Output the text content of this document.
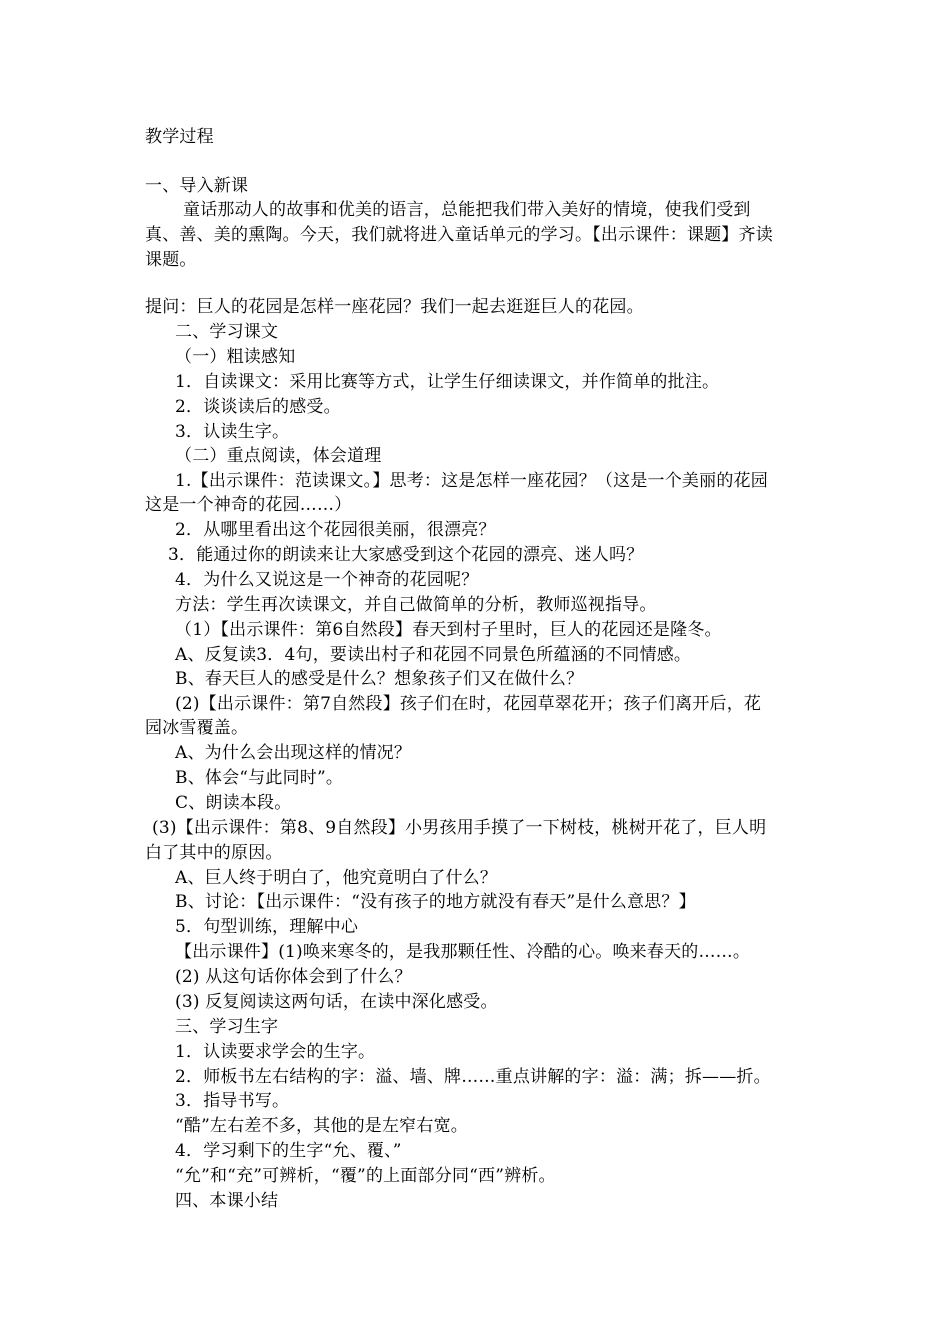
教学过程
一、导入新课
童话那动人的故事和优美的语言，总能把我们带入美好的情境，使我们受到
真、善、美的熏陶。今天，我们就将进入童话单元的学习。【出示课件：课题】齐读
课题。
提问：巨人的花园是怎样一座花园？我们一起去逛逛巨人的花园。
二、学习课文
（一）粗读感知
1．自读课文：采用比赛等方式，让学生仔细读课文，并作简单的批注。
2．谈谈读后的感受。
3．认读生字。
（二）重点阅读，体会道理
1.【出示课件：范读课文。】思考：这是怎样一座花园？（这是一个美丽的花园
这是一个神奇的花园……）
2．从哪里看出这个花园很美丽，很漂亮？
3．能通过你的朗读来让大家感受到这个花园的漂亮、迷人吗？
4．为什么又说这是一个神奇的花园呢？
方法：学生再次读课文，并自己做简单的分析，教师巡视指导。
（1）【出示课件：第6自然段】春天到村子里时，巨人的花园还是隆冬。
A、反复读3．4句，要读出村子和花园不同景色所蕴涵的不同情感。
B、春天巨人的感受是什么？想象孩子们又在做什么？
(2)【出示课件：第7自然段】孩子们在时，花园草翠花开；孩子们离开后，花
园冰雪覆盖。
A、为什么会出现这样的情况？
B、体会“与此同时”。
C、朗读本段。
(3)【出示课件：第8、9自然段】小男孩用手摸了一下树枝，桃树开花了，巨人明
白了其中的原因。
A、巨人终于明白了，他究竟明白了什么？
B、讨论：【出示课件：“没有孩子的地方就没有春天”是什么意思？】
5．句型训练，理解中心
【出示课件】(1)唤来寒冬的，是我那颗任性、冷酷的心。唤来春天的……。
(2) 从这句话你体会到了什么？
(3) 反复阅读这两句话，在读中深化感受。
三、学习生字
1．认读要求学会的生字。
2．师板书左右结构的字：溢、墙、牌……重点讲解的字：溢：满；拆——折。
3．指导书写。
“酷”左右差不多，其他的是左窄右宽。
4．学习剩下的生字“允、覆、”
“允”和“充”可辨析，“覆”的上面部分同“西”辨析。
四、本课小结
